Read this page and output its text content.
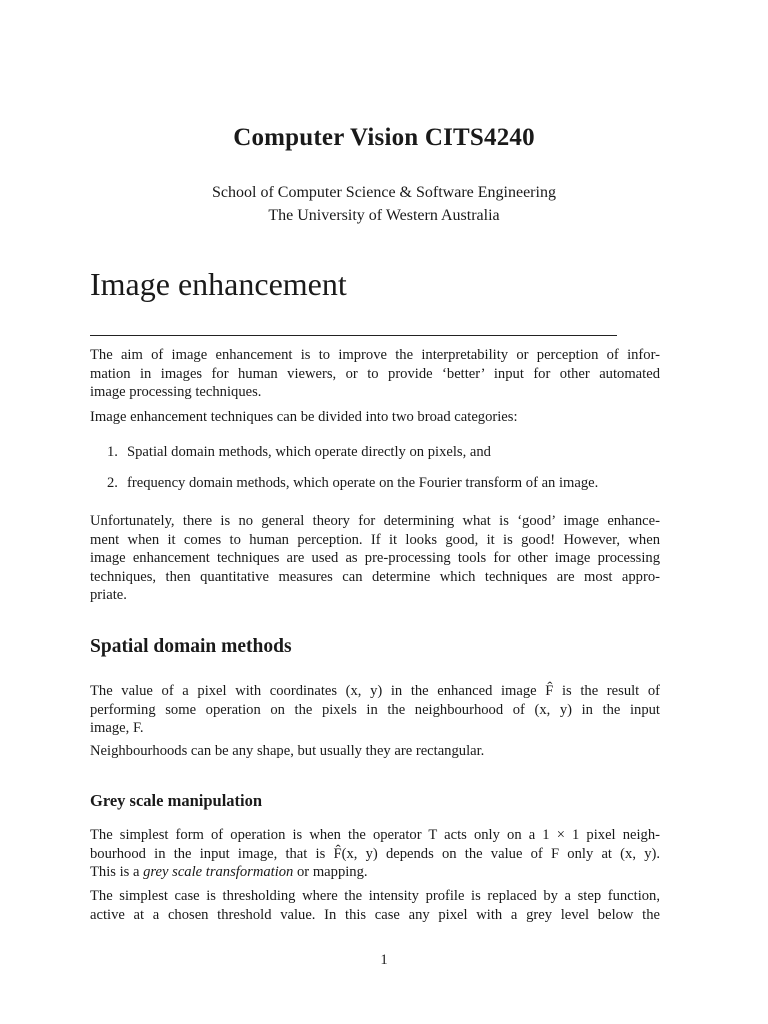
Computer Vision CITS4240
School of Computer Science & Software Engineering
The University of Western Australia
Image enhancement
The aim of image enhancement is to improve the interpretability or perception of infor-
mation in images for human viewers, or to provide ‘better’ input for other automated
image processing techniques.
Image enhancement techniques can be divided into two broad categories:
1. Spatial domain methods, which operate directly on pixels, and
2. frequency domain methods, which operate on the Fourier transform of an image.
Unfortunately, there is no general theory for determining what is ‘good’ image enhance-
ment when it comes to human perception. If it looks good, it is good! However, when
image enhancement techniques are used as pre-processing tools for other image processing
techniques, then quantitative measures can determine which techniques are most appro-
priate.
Spatial domain methods
The value of a pixel with coordinates (x, y) in the enhanced image F̂ is the result of
performing some operation on the pixels in the neighbourhood of (x, y) in the input
image, F.
Neighbourhoods can be any shape, but usually they are rectangular.
Grey scale manipulation
The simplest form of operation is when the operator T acts only on a 1 × 1 pixel neigh-
bourhood in the input image, that is F̂(x, y) depends on the value of F only at (x, y).
This is a grey scale transformation or mapping.
The simplest case is thresholding where the intensity profile is replaced by a step function,
active at a chosen threshold value. In this case any pixel with a grey level below the
1
